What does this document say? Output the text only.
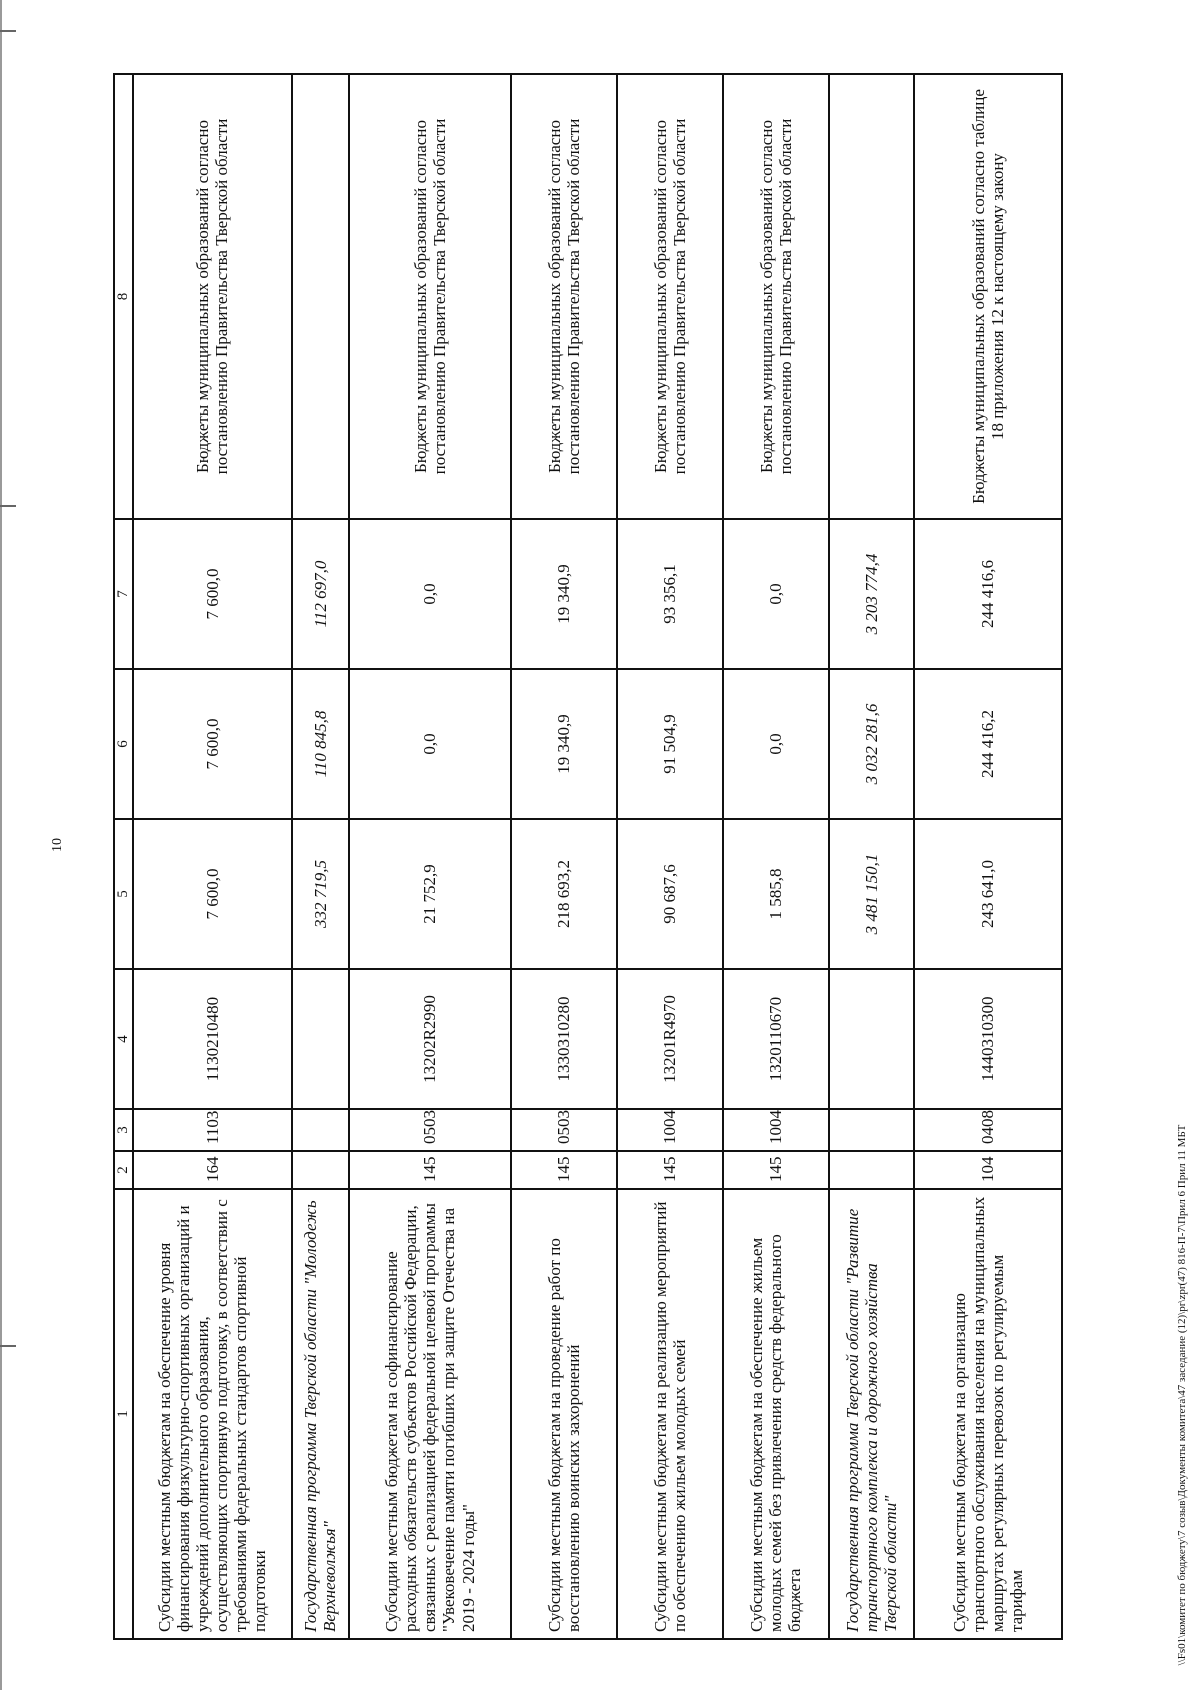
10
\\Fs01\комитет по бюджету\7 созыв\Документы комитета\47 заседание (12)\pr\zpr(47) 816-П-7\Прил 6 Прил 11 МБТ
1	2	3	4	5	6	7	8
Субсидии местным бюджетам на обеспечение уровня финансирования физкультурно-спортивных организаций и учреждений дополнительного образования, осуществляющих спортивную подготовку, в соответствии с требованиями федеральных стандартов спортивной подготовки	164	1103	1130210480	7 600,0	7 600,0	7 600,0	Бюджеты муниципальных образований согласно постановлению Правительства Тверской области
Государственная программа Тверской области "Молодежь Верхневолжья"				332 719,5	110 845,8	112 697,0	
Субсидии местным бюджетам на софинансирование расходных обязательств субъектов Российской Федерации, связанных с реализацией федеральной целевой программы "Увековечение памяти погибших при защите Отечества на 2019 - 2024 годы"	145	0503	13202R2990	21 752,9	0,0	0,0	Бюджеты муниципальных образований согласно постановлению Правительства Тверской области
Субсидии местным бюджетам на проведение работ по восстановлению воинских захоронений	145	0503	1330310280	218 693,2	19 340,9	19 340,9	Бюджеты муниципальных образований согласно постановлению Правительства Тверской области
Субсидии местным бюджетам на реализацию мероприятий по обеспечению жильем молодых семей	145	1004	13201R4970	90 687,6	91 504,9	93 356,1	Бюджеты муниципальных образований согласно постановлению Правительства Тверской области
Субсидии местным бюджетам на обеспечение жильем молодых семей без привлечения средств федерального бюджета	145	1004	1320110670	1 585,8	0,0	0,0	Бюджеты муниципальных образований согласно постановлению Правительства Тверской области
Государственная программа Тверской области "Развитие транспортного комплекса и дорожного хозяйства Тверской области"				3 481 150,1	3 032 281,6	3 203 774,4	
Субсидии местным бюджетам на организацию транспортного обслуживания населения на муниципальных маршрутах регулярных перевозок по регулируемым тарифам	104	0408	1440310300	243 641,0	244 416,2	244 416,6	Бюджеты муниципальных образований согласно таблице 18 приложения 12 к настоящему закону
